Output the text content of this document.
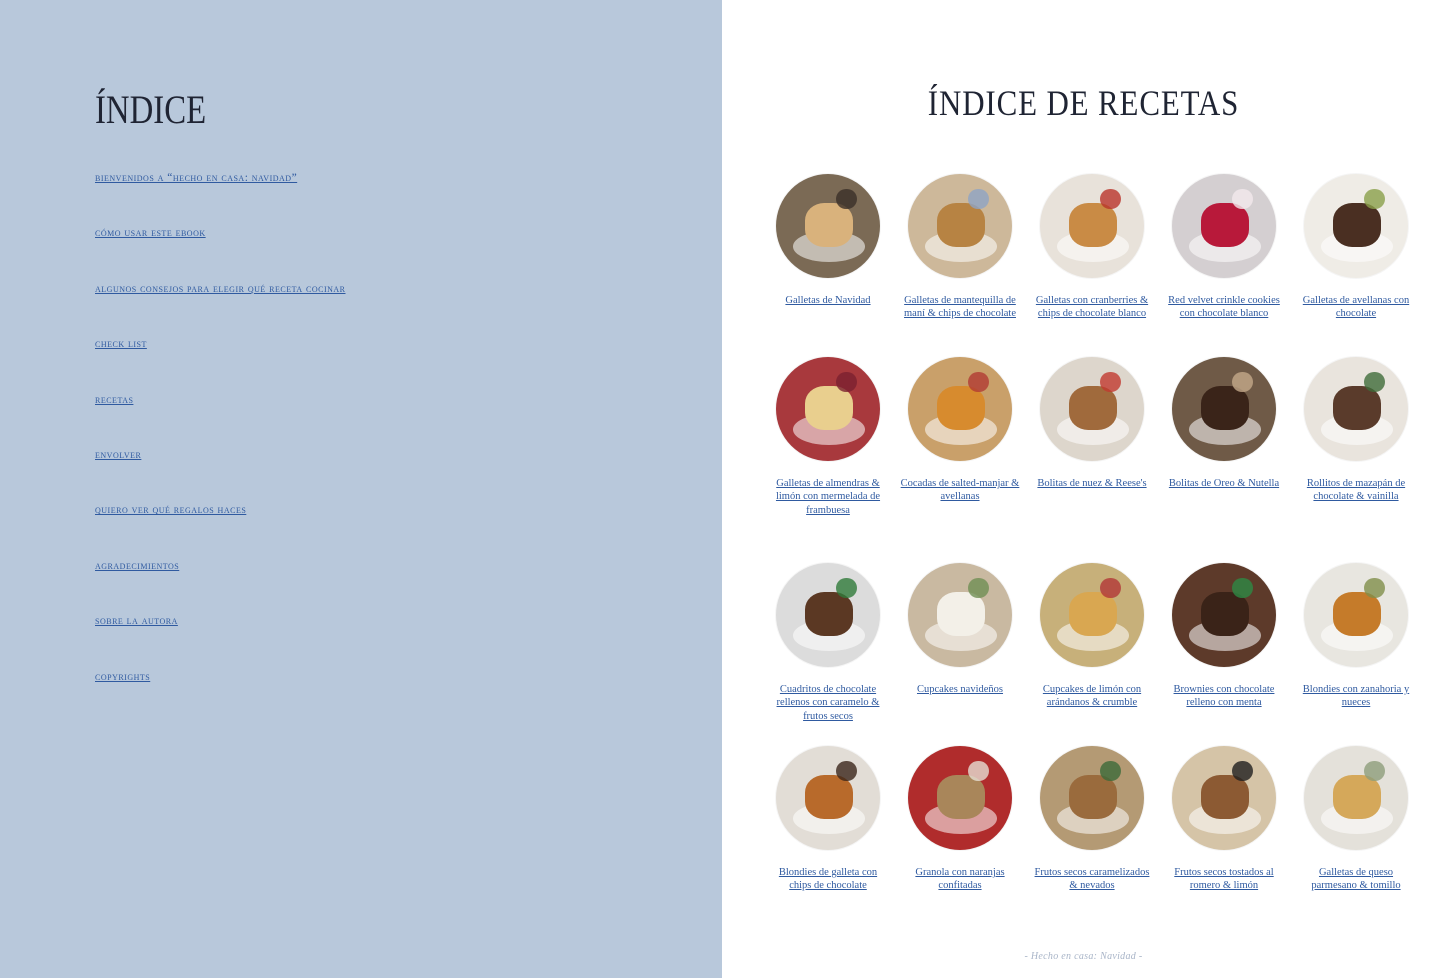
ÍNDICE
bienvenidos a “hecho en casa: navidad”
cómo usar este ebook
algunos consejos para elegir qué receta cocinar
check list
recetas
envolver
quiero ver qué regalos haces
agradecimientos
sobre la autora
copyrights
ÍNDICE DE RECETAS
Galletas de Navidad	Galletas de mantequilla de maní & chips de chocolate
Galletas con cranberries & chips de chocolate blanco
Red velvet crinkle cookies con chocolate blanco
Galletas de avellanas con chocolate
Galletas de almendras & limón con mermelada de frambuesa
Cocadas de salted-manjar & avellanas
Bolitas de nuez & Reese's	Bolitas de Oreo & Nutella	Rollitos de mazapán de chocolate & vainilla
Cuadritos de chocolate rellenos con caramelo & frutos secos
Cupcakes navideños	Cupcakes de limón con arándanos & crumble
Brownies con chocolate relleno con menta
Blondies con zanahoria y nueces
Blondies de galleta con chips de chocolate
Granola con naranjas confitadas
Frutos secos caramelizados & nevados
Frutos secos tostados al romero & limón
Galletas de queso parmesano & tomillo
- Hecho en casa: Navidad -
